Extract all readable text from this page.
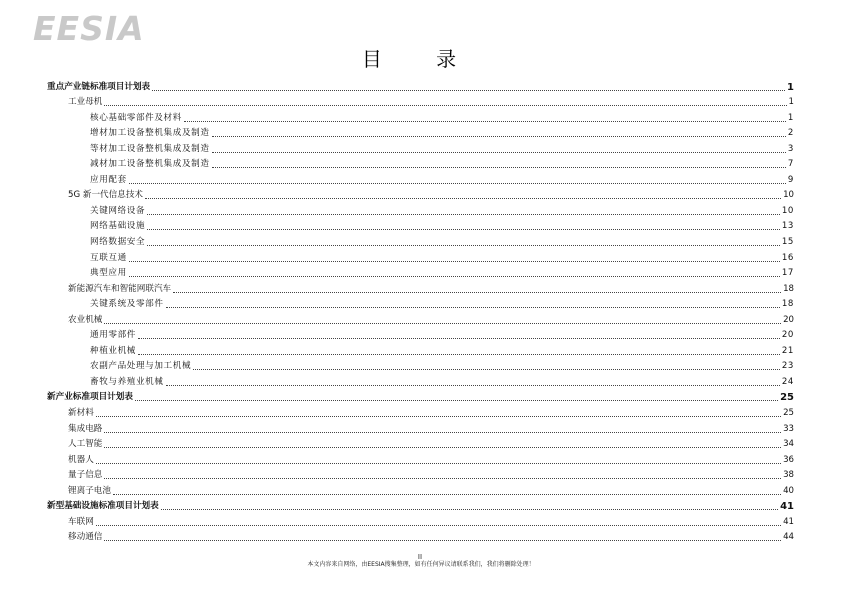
EESIA
目 录
重点产业链标准项目计划表	1
工业母机	1
核心基础零部件及材料	1
增材加工设备整机集成及制造	2
等材加工设备整机集成及制造	3
减材加工设备整机集成及制造	7
应用配套	9
5G 新一代信息技术	10
关键网络设备	10
网络基础设施	13
网络数据安全	15
互联互通	16
典型应用	17
新能源汽车和智能网联汽车	18
关键系统及零部件	18
农业机械	20
通用零部件	20
种植业机械	21
农副产品处理与加工机械	23
畜牧与养殖业机械	24
新产业标准项目计划表	25
新材料	25
集成电路	33
人工智能	34
机器人	36
量子信息	38
锂离子电池	40
新型基础设施标准项目计划表	41
车联网	41
移动通信	44
II
本文内容来自网络，由EESIA搜集整理，如有任何异议请联系我们，我们将删除处理！
